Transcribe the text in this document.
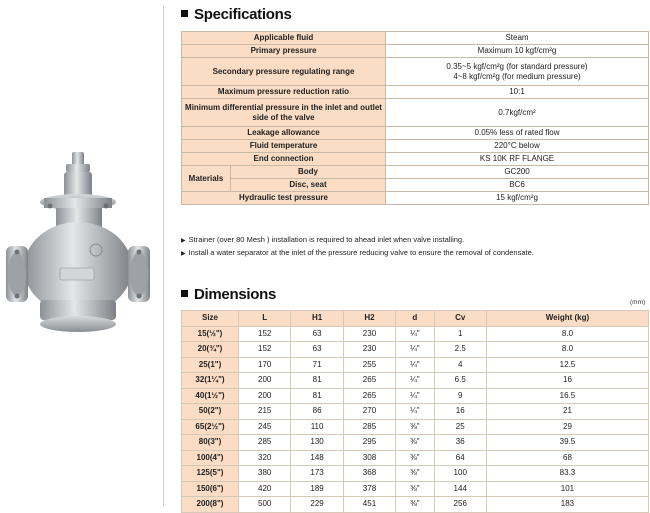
Specifications
Applicable fluid		Steam
Primary pressure		Maximum 10 kgf/cm²g
Secondary pressure regulating range		0.35~5 kgf/cm²g (for standard pressure)
4~8 kgf/cm²g (for medium pressure)
Maximum pressure reduction ratio		10:1
Minimum differential pressure in the inlet and outlet side of the valve		0.7kgf/cm²
Leakage allowance		0.05% less of rated flow
Fluid temperature		220°C below
End connection		KS 10K RF FLANGE
Materials	Body	GC200
	Disc, seat	BC6
Hydraulic test pressure		15 kgf/cm²g
▶ Strainer (over 80 Mesh ) installation is required to ahead inlet when valve installing.
▶ Install a water separator at the inlet of the pressure reducing valve to ensure the removal of condensate.
Dimensions	(mm)
Size	L	H1	H2	d	Cv	Weight (kg)
15(½")	152	63	230	¼"	1	8.0
20(¾")	152	63	230	¼"	2.5	8.0
25(1")	170	71	255	¼"	4	12.5
32(1¼")	200	81	265	¼"	6.5	16
40(1½")	200	81	265	¼"	9	16.5
50(2")	215	86	270	¼"	16	21
65(2½")	245	110	285	⅜"	25	29
80(3")	285	130	295	⅜"	36	39.5
100(4")	320	148	308	⅜"	64	68
125(5")	380	173	368	⅜"	100	83.3
150(6")	420	189	378	⅜"	144	101
200(8")	500	229	451	⅜"	256	183
